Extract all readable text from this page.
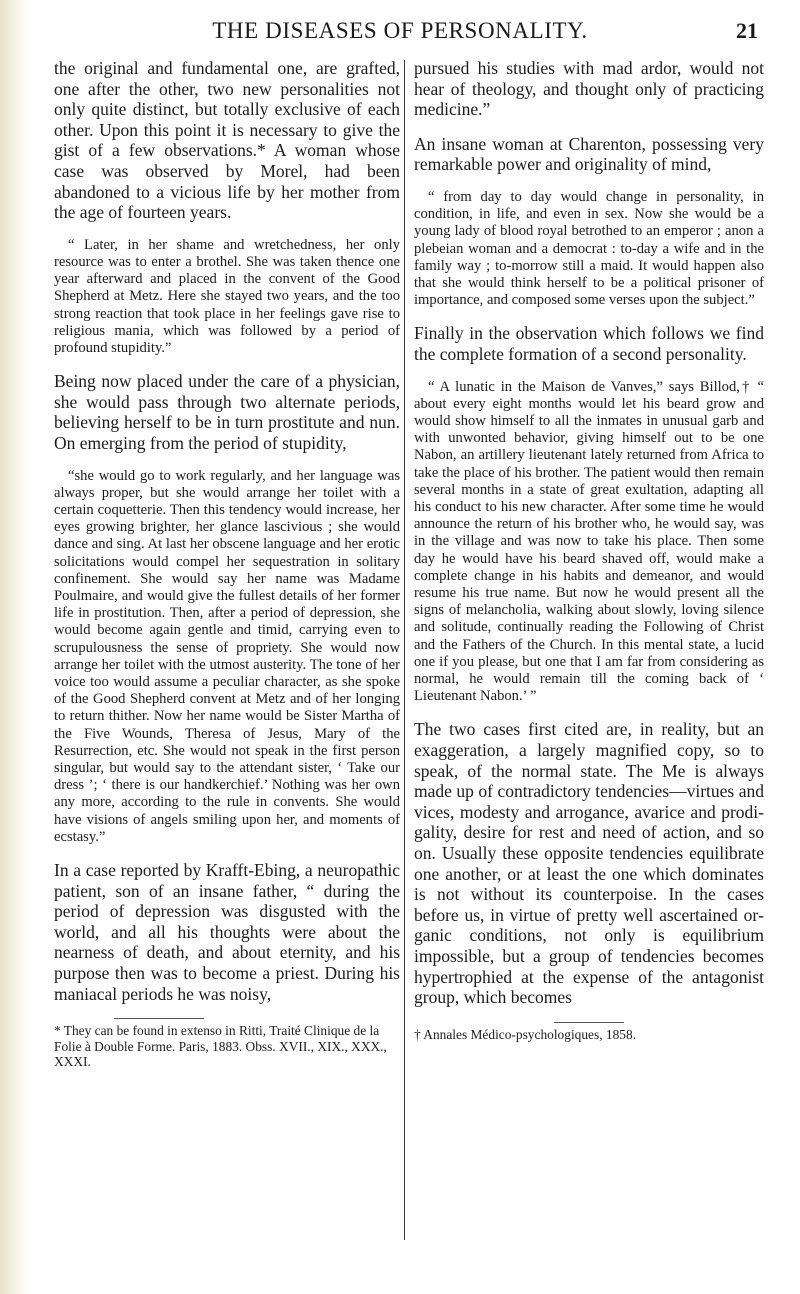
THE DISEASES OF PERSONALITY.	21

the original and fundamental one, are grafted, one after the other, two new personalities not only quite distinct, but totally exclusive of each other. Upon this point it is necessary to give the gist of a few observations.* A woman whose case was observed by Morel, had been abandoned to a vicious life by her mother from the age of fourteen years.

“ Later, in her shame and wretchedness, her only resource was to enter a brothel. She was taken thence one year afterward and placed in the convent of the Good Shepherd at Metz. Here she stayed two years, and the too strong reaction that took place in her feelings gave rise to religious mania, which was followed by a period of profound stupidity.”

Being now placed under the care of a physician, she would pass through two alternate periods, believing herself to be in turn prostitute and nun. On emerging from the period of stupidity,

“she would go to work regularly, and her language was always proper, but she would arrange her toilet with a certain coquetterie. Then this tendency would increase, her eyes growing brighter, her glance lascivious ; she would dance and sing. At last her obscene language and her erotic solicitations would compel her sequestration in solitary confinement. She would say her name was Madame Poulmaire, and would give the fullest details of her former life in prostitution. Then, after a period of depression, she would become again gentle and timid, carrying even to scrupulousness the sense of propriety. She would now arrange her toilet with the utmost austerity. The tone of her voice too would assume a peculiar character, as she spoke of the Good Shepherd convent at Metz and of her longing to return thither. Now her name would be Sister Martha of the Five Wounds, Theresa of Jesus, Mary of the Resurrection, etc. She would not speak in the first person singular, but would say to the attendant sister, ‘ Take our dress ’; ‘ there is our handkerchief.’ Nothing was her own any more, according to the rule in convents. She would have visions of angels smiling upon her, and moments of ecstasy.”

In a case reported by Krafft-Ebing, a neuropathic patient, son of an insane father, “ during the period of depression was disgusted with the world, and all his thoughts were about the nearness of death, and about eternity, and his purpose then was to become a priest. During his maniacal periods he was noisy,

* They can be found in extenso in Ritti, Traité Clinique de la Folie à Double Forme. Paris, 1883. Obss. XVII., XIX., XXX., XXXI.

pursued his studies with mad ardor, would not hear of theology, and thought only of practicing medicine.”

An insane woman at Charenton, possessing very remarkable power and originality of mind,

“ from day to day would change in personality, in condition, in life, and even in sex. Now she would be a young lady of blood royal betrothed to an emperor ; anon a plebeian woman and a democrat : to-day a wife and in the family way ; to-morrow still a maid. It would happen also that she would think herself to be a political prisoner of importance, and composed some verses upon the subject.”

Finally in the observation which follows we find the complete formation of a second personality.

“ A lunatic in the Maison de Vanves,” says Billod,† “ about every eight months would let his beard grow and would show himself to all the inmates in unusual garb and with unwonted behavior, giving himself out to be one Nabon, an artillery lieutenant lately returned from Africa to take the place of his brother. The patient would then remain several months in a state of great exultation, adapting all his conduct to his new character. After some time he would announce the return of his brother who, he would say, was in the village and was now to take his place. Then some day he would have his beard shaved off, would make a complete change in his habits and demeanor, and would resume his true name. But now he would present all the signs of melancholia, walking about slowly, loving silence and solitude, continually reading the Following of Christ and the Fathers of the Church. In this mental state, a lucid one if you please, but one that I am far from considering as normal, he would remain till the coming back of ‘ Lieutenant Nabon.’ ”

The two cases first cited are, in reality, but an exaggeration, a largely magnified copy, so to speak, of the normal state. The Me is always made up of contradictory tendencies—virtues and vices, modesty and arrogance, avarice and prodigality, desire for rest and need of action, and so on. Usually these opposite tendencies equilibrate one another, or at least the one which dominates is not without its counterpoise. In the cases before us, in virtue of pretty well ascertained organic conditions, not only is equilibrium impossible, but a group of tendencies becomes hypertrophied at the expense of the antagonist group, which becomes

† Annales Médico-psychologiques, 1858.
